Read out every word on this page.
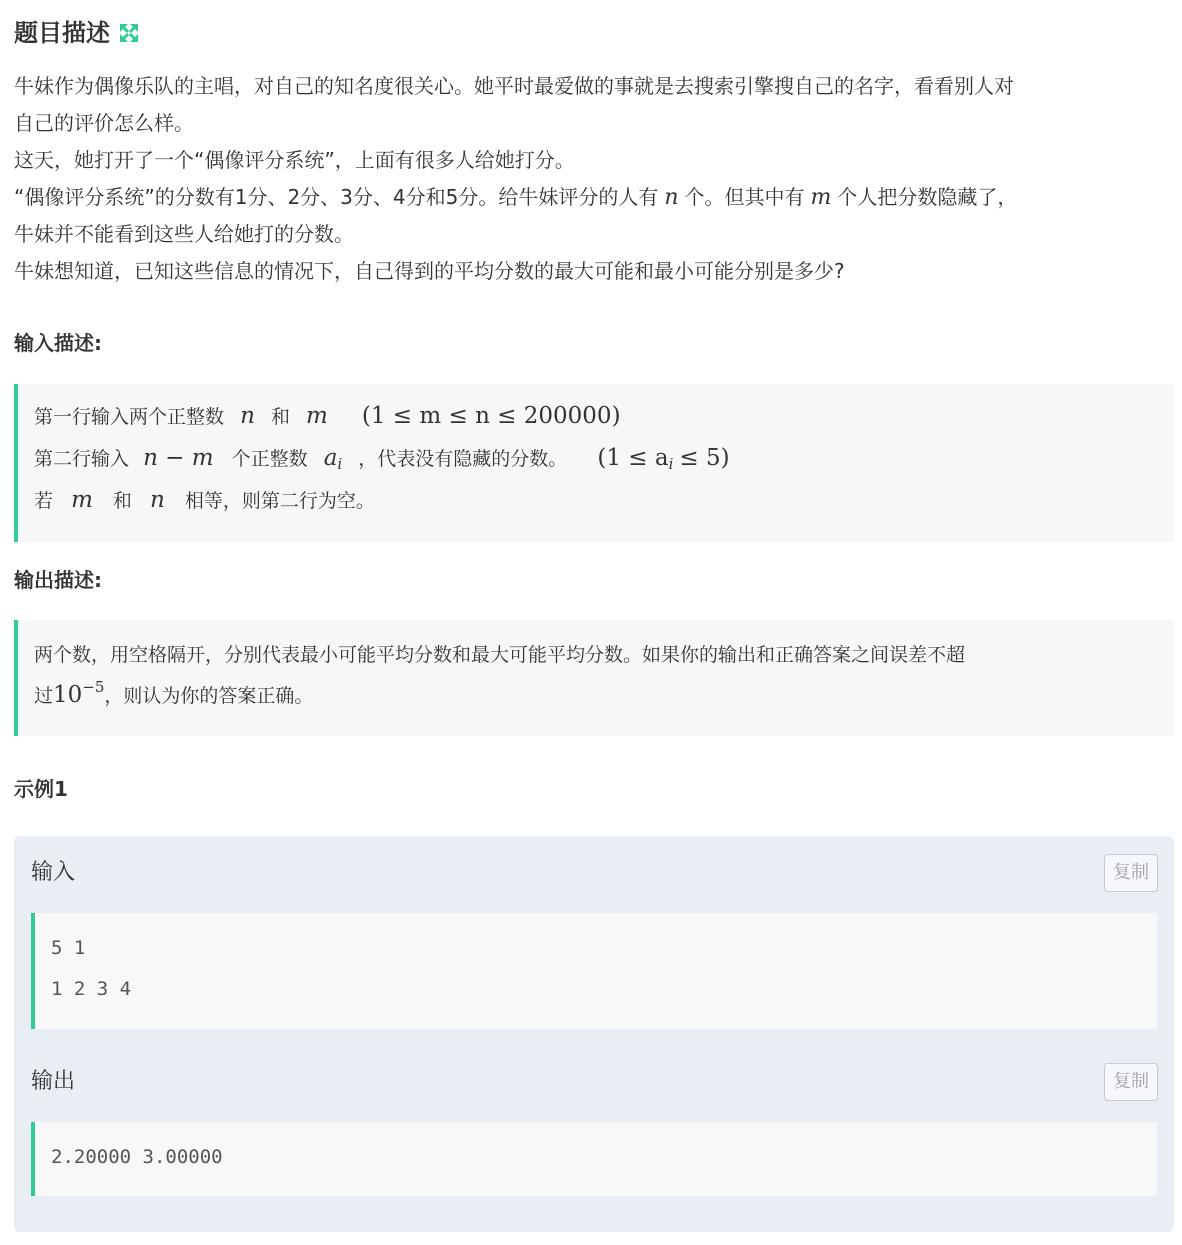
题目描述

牛妹作为偶像乐队的主唱，对自己的知名度很关心。她平时最爱做的事就是去搜索引擎搜自己的名字，看看别人对

自己的评价怎么样。

这天，她打开了一个“偶像评分系统”，上面有很多人给她打分。

“偶像评分系统”的分数有1分、2分、3分、4分和5分。给牛妹评分的人有 n 个。但其中有 m 个人把分数隐藏了，

牛妹并不能看到这些人给她打的分数。

牛妹想知道，已知这些信息的情况下，自己得到的平均分数的最大可能和最小可能分别是多少?

输入描述:
第一行输入两个正整数 n 和 m (1 ≤ m ≤ n ≤ 200000)
第二行输入 n − m 个正整数 $a_i$ ，代表没有隐藏的分数。 $(1 \le a_i \le 5)$
若 m 和 n 相等，则第二行为空。
输出描述:
两个数，用空格隔开，分别代表最小可能平均分数和最大可能平均分数。如果你的输出和正确答案之间误差不超
过$10^{-5}$，则认为你的答案正确。
示例1
输入	复制
5 1
1 2 3 4
输出	复制
2.20000 3.00000
